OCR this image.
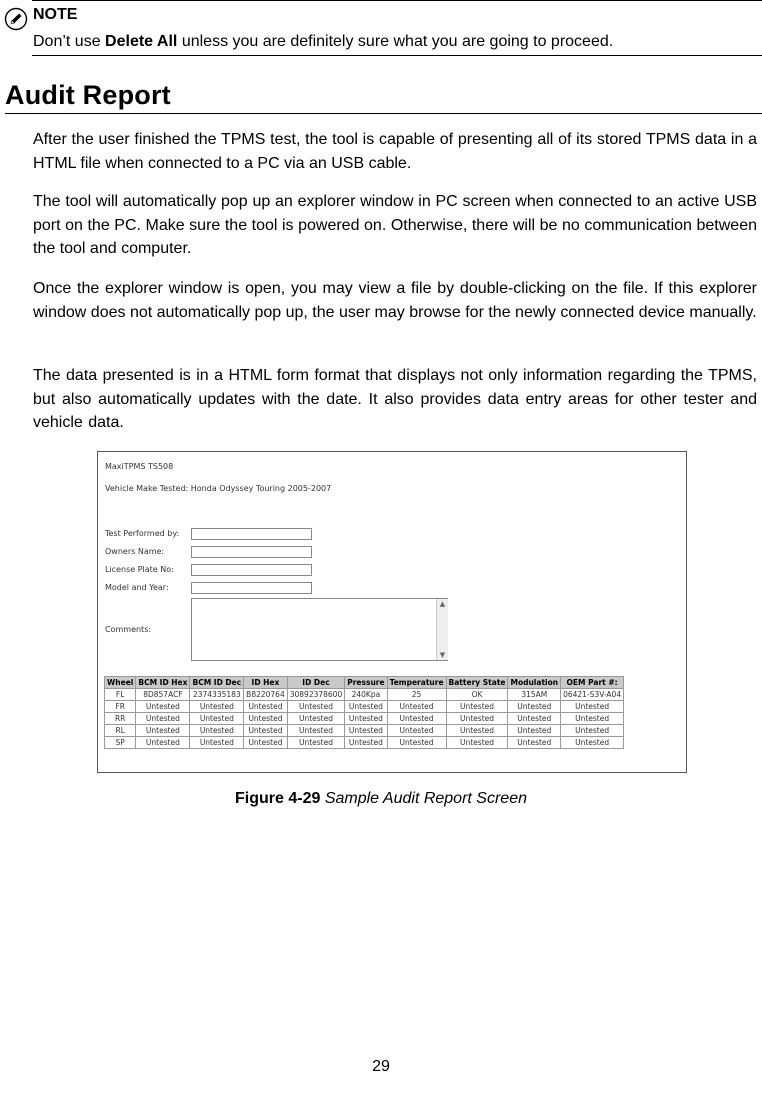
NOTE
Don’t use Delete All unless you are definitely sure what you are going to proceed.
Audit Report

After the user finished the TPMS test, the tool is capable of presenting all of its stored TPMS data in a HTML file when connected to a PC via an USB cable.

The tool will automatically pop up an explorer window in PC screen when connected to an active USB port on the PC. Make sure the tool is powered on. Otherwise, there will be no communication between the tool and computer.

Once the explorer window is open, you may view a file by double-clicking on the file. If this explorer window does not automatically pop up, the user may browse for the newly connected device manually.

The data presented is in a HTML form format that displays not only information regarding the TPMS, but also automatically updates with the date. It also provides data entry areas for other tester and vehicle data.

MaxiTPMS TS508
Vehicle Make Tested: Honda Odyssey Touring 2005-2007
Test Performed by:
Owners Name:
License Plate No:
Model and Year:
Comments:
▲
▼
Wheel	BCM ID Hex	BCM ID Dec	ID Hex	ID Dec	Pressure	Temperature	Battery State	Modulation	OEM Part #:
FL	8D857ACF	2374335183	B8220764	30892378600	240Kpa	25	OK	315AM	06421-S3V-A04
FR	Untested	Untested	Untested	Untested	Untested	Untested	Untested	Untested	Untested
RR	Untested	Untested	Untested	Untested	Untested	Untested	Untested	Untested	Untested
RL	Untested	Untested	Untested	Untested	Untested	Untested	Untested	Untested	Untested
SP	Untested	Untested	Untested	Untested	Untested	Untested	Untested	Untested	Untested
Figure 4-29 Sample Audit Report Screen
29
